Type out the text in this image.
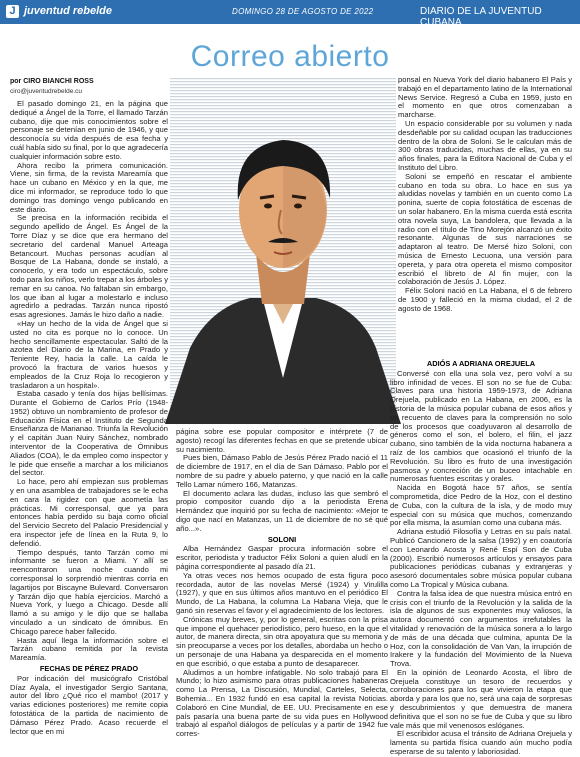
J juventud rebelde	DOMINGO 28 DE AGOSTO DE 2022	DIARIO DE LA JUVENTUD CUBANA
Correo abierto
por CIRO BIANCHI ROSS
ciro@juventudrebelde.cu

El pasado domingo 21, en la página que dediqué a Ángel de la Torre, el llamado Tarzán cubano, dije que mis conocimientos sobre el personaje se detenían en junio de 1946, y que desconocía su vida después de esa fecha y cuál había sido su final, por lo que agradecería cualquier información sobre esto.

Ahora recibo la primera comunicación. Viene, sin firma, de la revista Mareamía que hace un cubano en México y en la que, me dice mi informador, se reproduce todo lo que domingo tras domingo vengo publicando en este diario.

Se precisa en la información recibida el segundo apellido de Ángel. Es Ángel de la Torre Díaz y se dice que era hermano del secretario del cardenal Manuel Arteaga Betancourt. Muchas personas acudían al Bosque de La Habana, donde se instaló, a conocerlo, y era todo un espectáculo, sobre todo para los niños, verlo trepar a los árboles y remar en su canoa. No faltaban sin embargo, los que iban al lugar a molestarlo e incluso agredirlo a pedradas. Tarzán nunca ripostó esas agresiones. Jamás le hizo daño a nadie.

«Hay un hecho de la vida de Ángel que si usted no cita es porque no lo conoce. Un hecho sencillamente espectacular. Saltó de la azotea del Diario de la Marina, en Prado y Teniente Rey, hacia la calle. La caída le provocó la fractura de varios huesos y empleados de la Cruz Roja lo recogieron y trasladaron a un hospital».

Estaba casado y tenía dos hijas bellísimas. Durante el Gobierno de Carlos Prío (1948-1952) obtuvo un nombramiento de profesor de Educación Física en el Instituto de Segunda Enseñanza de Marianao. Triunfa la Revolución y el capitán Juan Nuiry Sánchez, nombrado interventor de la Cooperativa de Ómnibus Aliados (COA), le da empleo como inspector y le pide que enseñe a marchar a los milicianos del sector.

Lo hace, pero ahí empiezan sus problemas y en una asamblea de trabajadores se le echa en cara la rigidez con que acometía las prácticas. Mi corresponsal, que ya para entonces había perdido su baja como oficial del Servicio Secreto del Palacio Presidencial y era inspector jefe de línea en la Ruta 9, lo defendió.

Tiempo después, tanto Tarzán como mi informante se fueron a Miami. Y allí se reencontraron una noche cuando mi corresponsal lo sorprendió mientras corría en lagartijos por Biscayne Bulevard. Conversaron y Tarzán dijo que había ejercicios. Marchó a Nueva York, y luego a Chicago. Desde allí llamó a su amigo y le dijo que se hallaba vinculado a un sindicato de ómnibus. En Chicago parece haber fallecido.

Hasta aquí llega la información sobre el Tarzán cubano remitida por la revista Mareamía.

FECHAS DE PÉREZ PRADO

Por indicación del musicógrafo Cristóbal Díaz Ayala, el investigador Sergio Santana, autor del libro ¿Qué rico el mambo! (2017 y varias ediciones posteriores) me remite copia fotostática de la partida de nacimiento de Dámaso Pérez Prado. Acaso recuerde el lector que en mi

página sobre ese popular compositor e intérprete (7 de agosto) recogí las diferentes fechas en que se pretende ubicar su nacimiento.

Pues bien, Dámaso Pablo de Jesús Pérez Prado nació el 11 de diciembre de 1917, en el día de San Dámaso. Pablo por el nombre de su padre y abuelo paterno, y que nació en la calle Tello Lamar número 166, Matanzas.

El documento aclara las dudas, incluso las que sembró el propio compositor cuando dijo a la periodista Erena Hernández que inquirió por su fecha de nacimiento: «Mejor te digo que nací en Matanzas, un 11 de diciembre de no sé qué año...».

SOLONI

Alba Hernández Gaspar procura información sobre el escritor, periodista y traductor Félix Soloni a quien aludí en la página correspondiente al pasado día 21.

Ya otras veces nos hemos ocupado de esta figura poco recordada, autor de las novelas Mersé (1924) y Virulilla (1927), y que en sus últimos años mantuvo en el periódico El Mundo, de La Habana, la columna La Habana Vieja, que le ganó sin reservas el favor y el agradecimiento de los lectores.

Crónicas muy breves, y, por lo general, escritas con la prisa que impone el quehacer periodístico, pero hueso, en la que el autor, de manera directa, sin otra apoyatura que su memoria y sin preocuparse a veces por los detalles, abordaba un hecho o un personaje de una Habana ya desparecida en el momento en que escribió, o que estaba a punto de desaparecer.

Aludimos a un hombre infatigable. No solo trabajó para El Mundo; lo hizo asimismo para otras publicaciones habaneras como La Prensa, La Discusión, Mundial, Carteles, Selecta, Bohemia... En 1932 fundó en esa capital la revista Noticias. Colaboró en Cine Mundial, de EE. UU. Precisamente en ese país pasaría una buena parte de su vida pues en Hollywood trabajó al español diálogos de películas y a partir de 1942 fue corres-

ponsal en Nueva York del diario habanero El País y trabajó en el departamento latino de la International News Service. Regresó a Cuba en 1959, justo en el momento en que otros comenzaban a marcharse.

Un espacio considerable por su volumen y nada desdeñable por su calidad ocupan las traducciones dentro de la obra de Soloni. Se le calculan más de 300 obras traducidas, muchas de ellas, ya en su años finales, para la Editora Nacional de Cuba y el Instituto del Libro.

Soloni se empeñó en rescatar el ambiente cubano en toda su obra. Lo hace en sus ya aludidas novelas y también en un cuento como La ponina, suerte de copia fotostática de escenas de un solar habanero. En la misma cuerda está escrita otra novela suya, La bandolera, que llevada a la radio con el título de Tino Morejón alcanzó un éxito resonante. Algunas de sus narraciones se adaptaron al teatro. De Mersé hizo Soloni, con música de Ernesto Lecuona, una versión para opereta, y para otra opereta el mismo compositor escribió el libreto de Al fin mujer, con la colaboración de Jesús J. López.

Félix Soloni nació en La Habana, el 6 de febrero de 1900 y falleció en la misma ciudad, el 2 de agosto de 1968.

ADIÓS A ADRIANA OREJUELA

Conversé con ella una sola vez, pero volví a su libro infinidad de veces. El son no se fue de Cuba: Claves para una historia 1959-1973, de Adriana Orejuela, publicado en La Habana, en 2006, es la historia de la música popular cubana de esos años y un recuento de claves para la comprensión no solo de los procesos que coadyuvaron al desarrollo de géneros como el son, el bolero, el filin, el jazz cubano, sino también de la vida nocturna habanera a raíz de los cambios que ocasionó el triunfo de la Revolución. Su libro es fruto de una investigación pasmosa y concreción de un buceo intachable en numerosas fuentes escritas y orales.

Nacida en Bogotá hace 57 años, se sentía comprometida, dice Pedro de la Hoz, con el destino de Cuba, con la cultura de la isla, y de modo muy especial con su música que muchos, comenzando por ella misma, la asumían como una cubana más.

Adriana estudió Filosofía y Letras en su país natal. Publicó Cancionero de la salsa (1992) y en coautoría con Leonardo Acosta y René Espí Son de Cuba (2000). Escribió numerosos artículos y ensayos para publicaciones periódicas cubanas y extranjeras y asesoró documentales sobre música popular cubana como La Tropical y Música cubana.

Contra la falsa idea de que nuestra música entró en crisis con el triunfo de la Revolución y la salida de la isla de algunos de sus exponentes muy valiosos, la autora documentó con argumentos irrefutables la vitalidad y renovación de la música sonera a lo largo de más de una década que culmina, apunta De la Hoz, con la consolidación de Van Van, la irrupción de Irakere y la fundación del Movimiento de la Nueva Trova.

En la opinión de Leonardo Acosta, el libro de Orejuela constituye un tesoro de recuerdos y corroboraciones para los que vivieron la etapa que aborda y para los que no, será una caja de sorpresas y descubrimientos y que demuestra de manera definitiva que el son no se fue de Cuba y que su libro vale más que mil venenosos eslóganes.

El escribidor acusa el tránsito de Adriana Orejuela y lamenta su partida física cuando aún mucho podía esperarse de su talento y laboriosidad.
